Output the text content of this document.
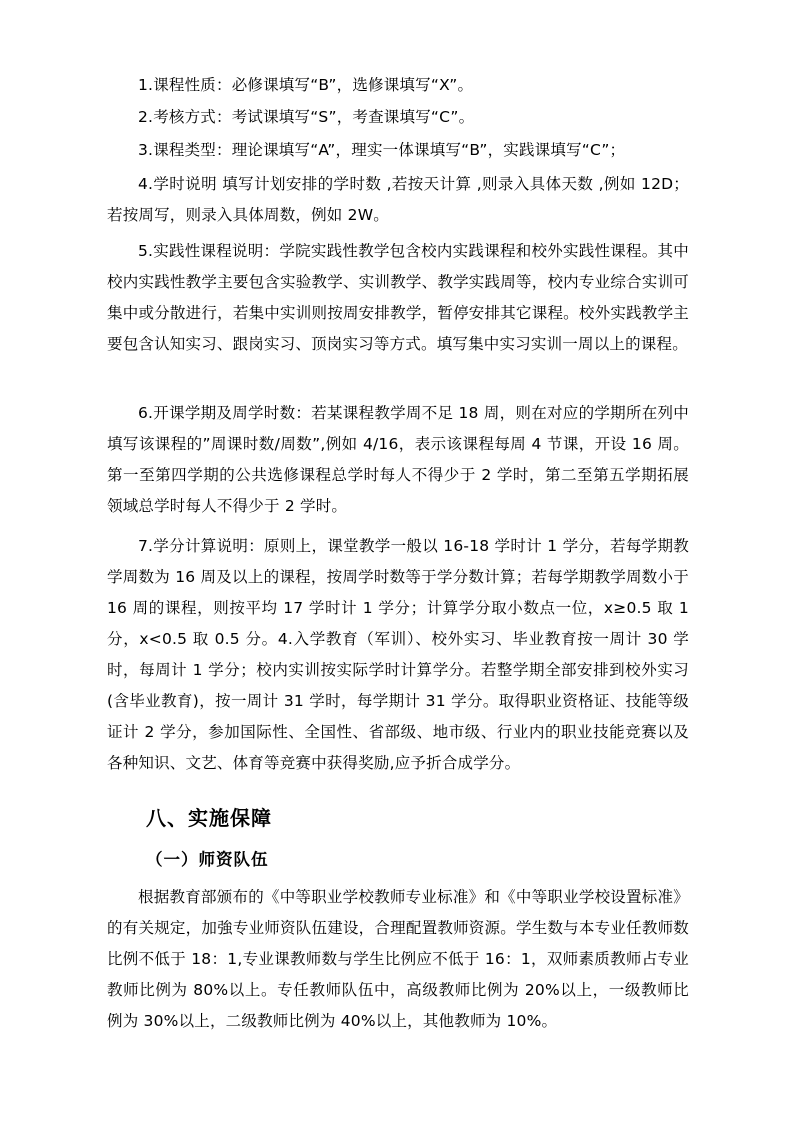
1.课程性质：必修课填写“B”，选修课填写“X”。

2.考核方式：考试课填写“S”，考查课填写“C”。

3.课程类型：理论课填写“A”，理实一体课填写“B”，实践课填写“C”；

4.学时说明 填写计划安排的学时数 ,若按天计算 ,则录入具体天数 ,例如 12D；若按周写，则录入具体周数，例如 2W。

5.实践性课程说明：学院实践性教学包含校内实践课程和校外实践性课程。其中校内实践性教学主要包含实验教学、实训教学、教学实践周等，校内专业综合实训可集中或分散进行，若集中实训则按周安排教学，暂停安排其它课程。校外实践教学主要包含认知实习、跟岗实习、顶岗实习等方式。填写集中实习实训一周以上的课程。

6.开课学期及周学时数：若某课程教学周不足 18 周，则在对应的学期所在列中填写该课程的”周课时数/周数”,例如 4/16，表示该课程每周 4 节课，开设 16 周。第一至第四学期的公共选修课程总学时每人不得少于 2 学时，第二至第五学期拓展领域总学时每人不得少于 2 学时。

7.学分计算说明：原则上，课堂教学一般以 16-18 学时计 1 学分，若每学期教学周数为 16 周及以上的课程，按周学时数等于学分数计算；若每学期教学周数小于 16 周的课程，则按平均 17 学时计 1 学分；计算学分取小数点一位，x≥0.5 取 1 分，x<0.5 取 0.5 分。4.入学教育（军训）、校外实习、毕业教育按一周计 30 学时，每周计 1 学分；校内实训按实际学时计算学分。若整学期全部安排到校外实习(含毕业教育)，按一周计 31 学时，每学期计 31 学分。取得职业资格证、技能等级证计 2 学分，参加国际性、全国性、省部级、地市级、行业内的职业技能竞赛以及各种知识、文艺、体育等竞赛中获得奖励,应予折合成学分。

八、实施保障
（一）师资队伍

根据教育部颁布的《中等职业学校教师专业标准》和《中等职业学校设置标准》的有关规定，加強专业师资队伍建设，合理配置教师资源。学生数与本专业任教师数比例不低于 18：1,专业课教师数与学生比例应不低于 16：1，双师素质教师占专业教师比例为 80%以上。专任教师队伍中，高级教师比例为 20%以上，一级教师比例为 30%以上，二级教师比例为 40%以上，其他教师为 10%。
